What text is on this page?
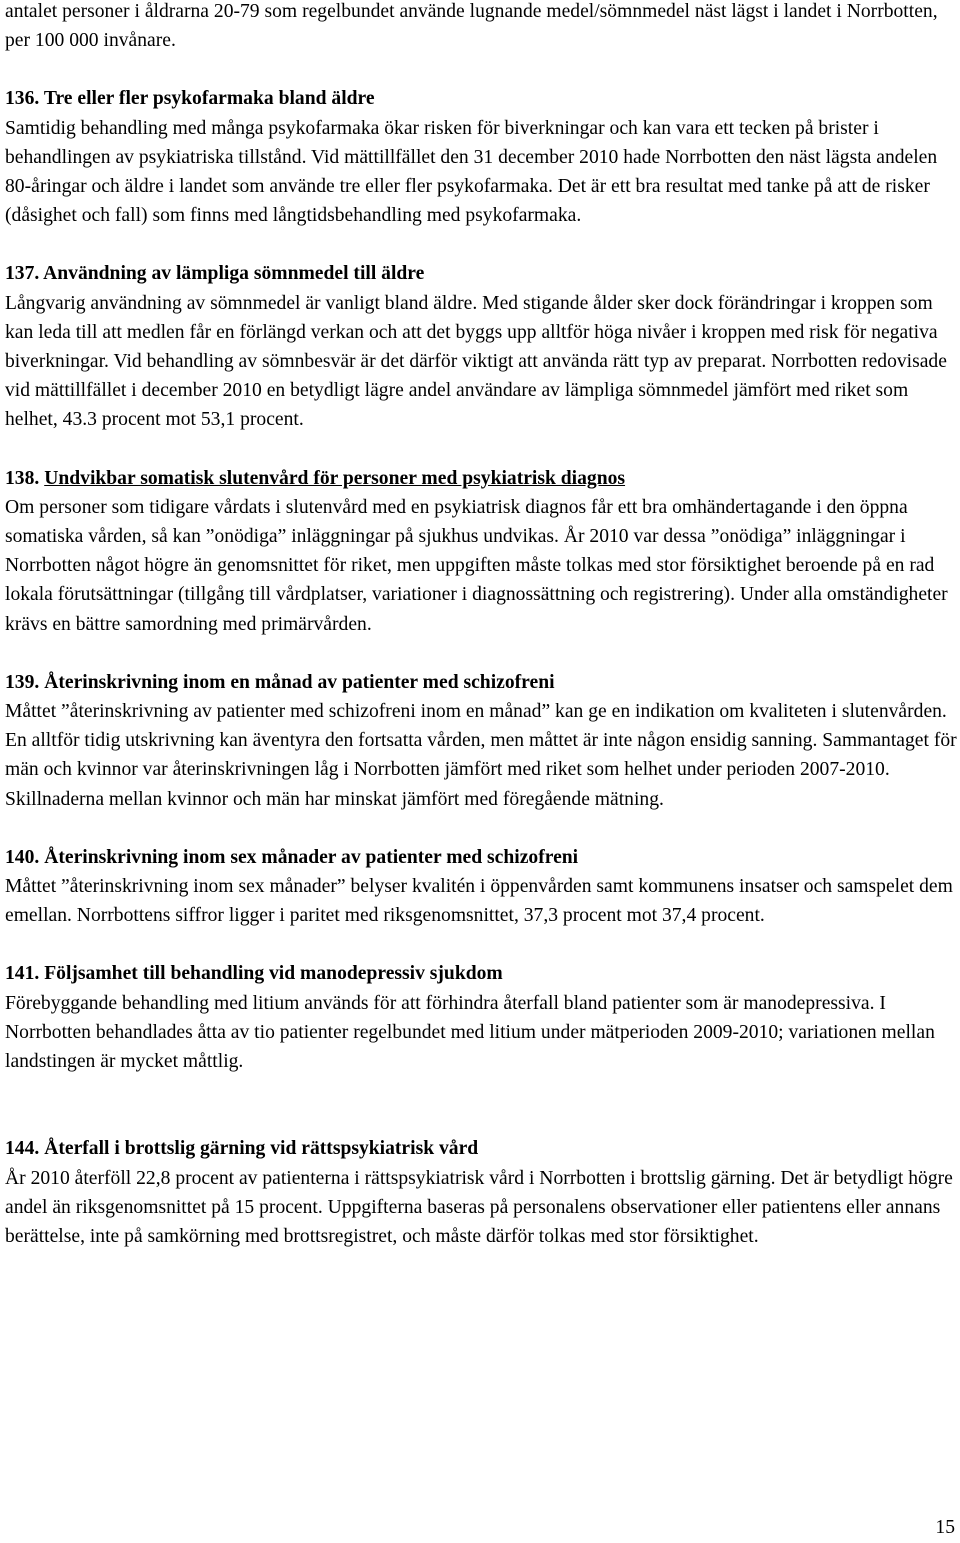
antalet personer i åldrarna 20-79 som regelbundet använde lugnande medel/sömnmedel näst lägst i landet i Norrbotten, per 100 000 invånare.

136. Tre eller fler psykofarmaka bland äldre

Samtidig behandling med många psykofarmaka ökar risken för biverkningar och kan vara ett tecken på brister i behandlingen av psykiatriska tillstånd. Vid mättillfället den 31 december 2010 hade Norrbotten den näst lägsta andelen 80-åringar och äldre i landet som använde tre eller fler psykofarmaka. Det är ett bra resultat med tanke på att de risker (dåsighet och fall) som finns med långtidsbehandling med psykofarmaka.

137. Användning av lämpliga sömnmedel till äldre

Långvarig användning av sömnmedel är vanligt bland äldre. Med stigande ålder sker dock förändringar i kroppen som kan leda till att medlen får en förlängd verkan och att det byggs upp alltför höga nivåer i kroppen med risk för negativa biverkningar. Vid behandling av sömnbesvär är det därför viktigt att använda rätt typ av preparat. Norrbotten redovisade vid mättillfället i december 2010 en betydligt lägre andel användare av lämpliga sömnmedel jämfört med riket som helhet, 43.3 procent mot 53,1 procent.

138. Undvikbar somatisk slutenvård för personer med psykiatrisk diagnos

Om personer som tidigare vårdats i slutenvård med en psykiatrisk diagnos får ett bra omhändertagande i den öppna somatiska vården, så kan ”onödiga” inläggningar på sjukhus undvikas. År 2010 var dessa ”onödiga” inläggningar i Norrbotten något högre än genomsnittet för riket, men uppgiften måste tolkas med stor försiktighet beroende på en rad lokala förutsättningar (tillgång till vårdplatser, variationer i diagnossättning och registrering). Under alla omständigheter krävs en bättre samordning med primärvården.

139. Återinskrivning inom en månad av patienter med schizofreni

Måttet ”återinskrivning av patienter med schizofreni inom en månad” kan ge en indikation om kvaliteten i slutenvården. En alltför tidig utskrivning kan äventyra den fortsatta vården, men måttet är inte någon ensidig sanning. Sammantaget för män och kvinnor var återinskrivningen låg i Norrbotten jämfört med riket som helhet under perioden 2007-2010. Skillnaderna mellan kvinnor och män har minskat jämfört med föregående mätning.

140. Återinskrivning inom sex månader av patienter med schizofreni

Måttet ”återinskrivning inom sex månader” belyser kvalitén i öppenvården samt kommunens insatser och samspelet dem emellan. Norrbottens siffror ligger i paritet med riksgenomsnittet, 37,3 procent mot 37,4 procent.

141. Följsamhet till behandling vid manodepressiv sjukdom

Förebyggande behandling med litium används för att förhindra återfall bland patienter som är manodepressiva. I Norrbotten behandlades åtta av tio patienter regelbundet med litium under mätperioden 2009-2010; variationen mellan landstingen är mycket måttlig.

144. Återfall i brottslig gärning vid rättspsykiatrisk vård

År 2010 återföll 22,8 procent av patienterna i rättspsykiatrisk vård i Norrbotten i brottslig gärning. Det är betydligt högre andel än riksgenomsnittet på 15 procent. Uppgifterna baseras på personalens observationer eller patientens eller annans berättelse, inte på samkörning med brottsregistret, och måste därför tolkas med stor försiktighet.

15
